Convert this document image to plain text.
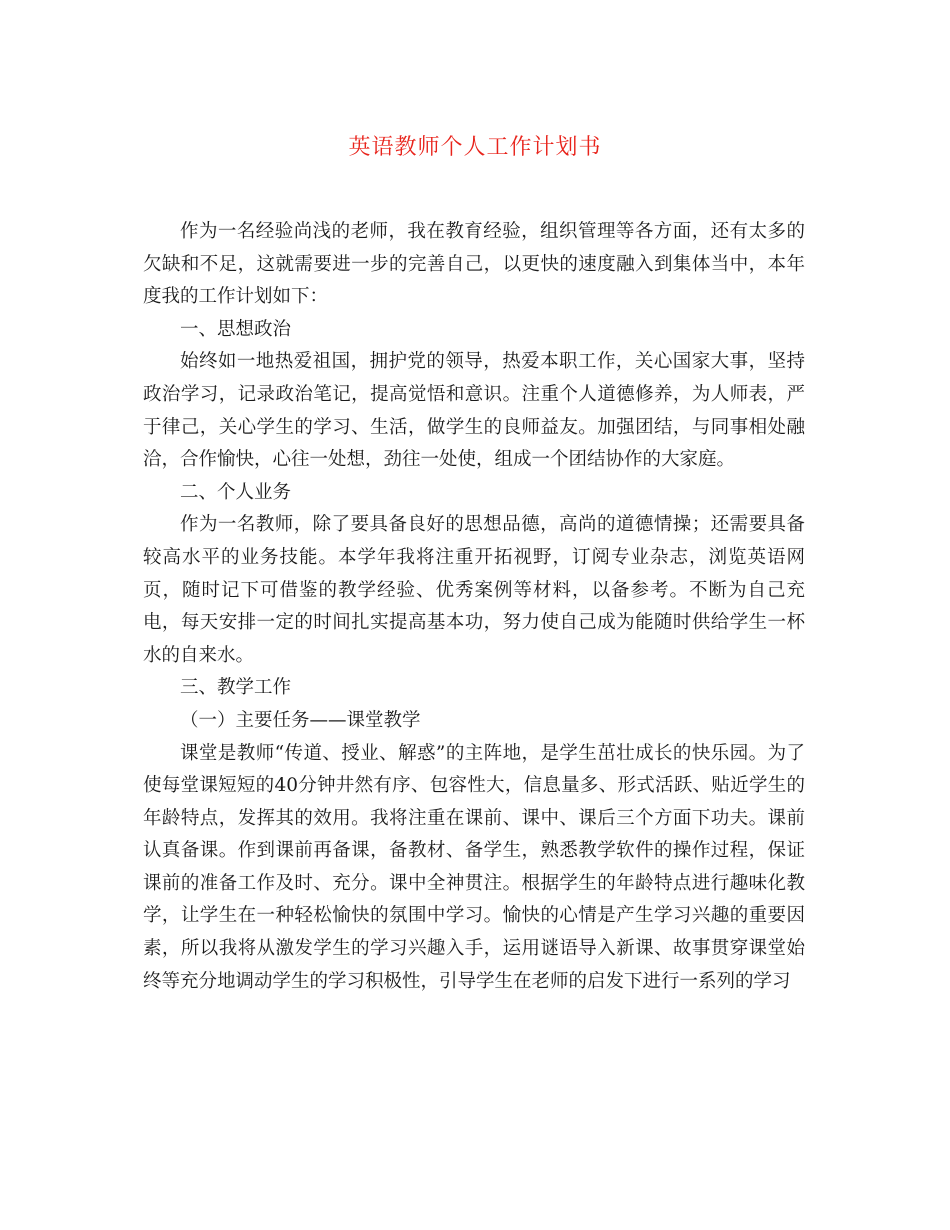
英语教师个人工作计划书

作为一名经验尚浅的老师，我在教育经验，组织管理等各方面，还有太多的欠缺和不足，这就需要进一步的完善自己，以更快的速度融入到集体当中，本年度我的工作计划如下：

一、思想政治

始终如一地热爱祖国，拥护党的领导，热爱本职工作，关心国家大事，坚持政治学习，记录政治笔记，提高觉悟和意识。注重个人道德修养，为人师表，严于律己，关心学生的学习、生活，做学生的良师益友。加强团结，与同事相处融洽，合作愉快，心往一处想，劲往一处使，组成一个团结协作的大家庭。

二、个人业务

作为一名教师，除了要具备良好的思想品德，高尚的道德情操；还需要具备较高水平的业务技能。本学年我将注重开拓视野，订阅专业杂志，浏览英语网页，随时记下可借鉴的教学经验、优秀案例等材料，以备参考。不断为自己充电，每天安排一定的时间扎实提高基本功，努力使自己成为能随时供给学生一杯水的自来水。

三、教学工作

（一）主要任务——课堂教学

课堂是教师“传道、授业、解惑”的主阵地，是学生茁壮成长的快乐园。为了使每堂课短短的40分钟井然有序、包容性大，信息量多、形式活跃、贴近学生的年龄特点，发挥其的效用。我将注重在课前、课中、课后三个方面下功夫。课前认真备课。作到课前再备课，备教材、备学生，熟悉教学软件的操作过程，保证课前的准备工作及时、充分。课中全神贯注。根据学生的年龄特点进行趣味化教学，让学生在一种轻松愉快的氛围中学习。愉快的心情是产生学习兴趣的重要因素，所以我将从激发学生的学习兴趣入手，运用谜语导入新课、故事贯穿课堂始终等充分地调动学生的学习积极性，引导学生在老师的启发下进行一系列的学习
